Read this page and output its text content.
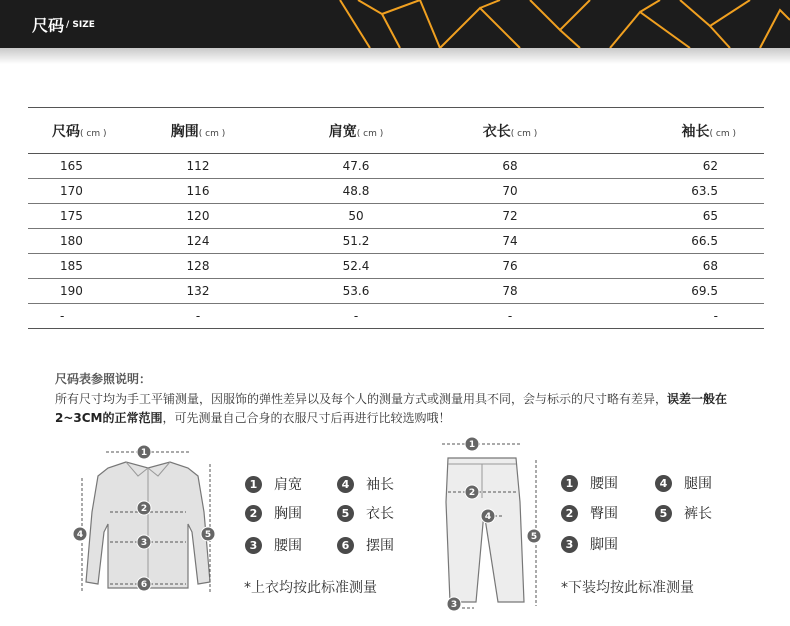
尺码 / SIZE
尺码( cm )	胸围( cm )	肩宽( cm )	衣长( cm )	袖长( cm )
165	112	47.6	68	62
170	116	48.8	70	63.5
175	120	50	72	65
180	124	51.2	74	66.5
185	128	52.4	76	68
190	132	53.6	78	69.5
-	-	-	-	-
尺码表参照说明：
所有尺寸均为手工平铺测量，因服饰的弹性差异以及每个人的测量方式或测量用具不同，会与标示的尺寸略有差异，误差一般在2~3CM的正常范围，可先测量自己合身的衣服尺寸后再进行比较选购哦！
1
2
3
4	5
6
1	肩宽	4	袖长
2	胸围	5	衣长
3	腰围	6	摆围
*上衣均按此标准测量
1
2
3
4
5
1	腰围	4	腿围
2	臀围	5	裤长
3	脚围
*下装均按此标准测量
